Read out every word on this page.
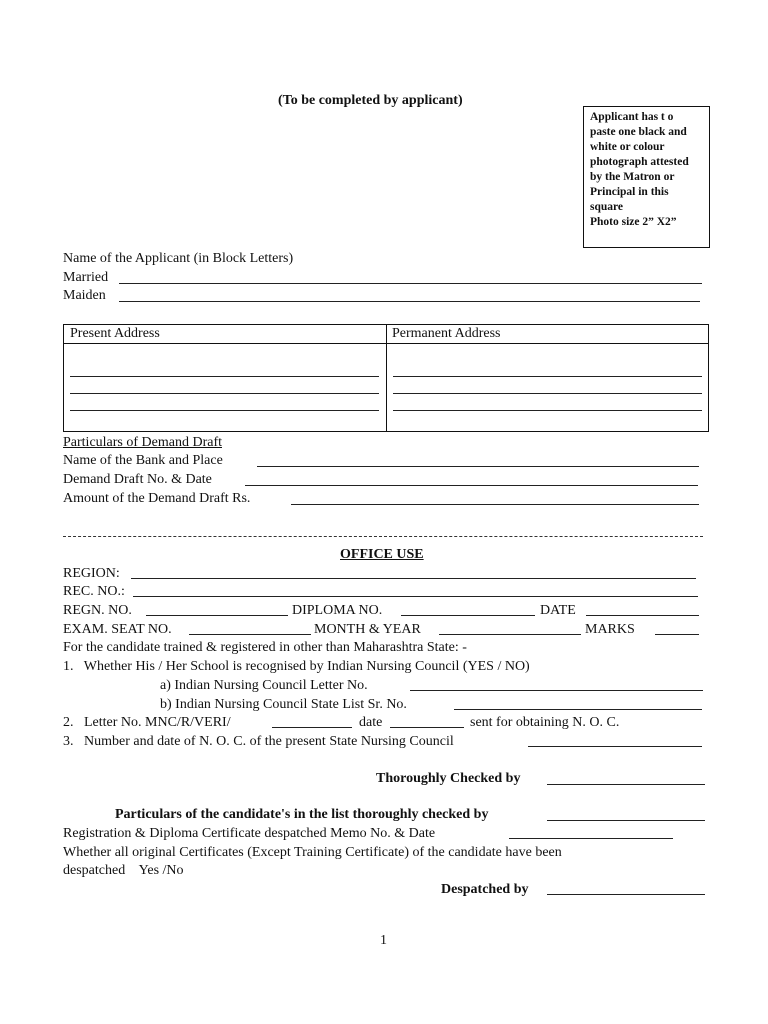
(To be completed by applicant)
Applicant has t o
paste one black and
white or colour
photograph attested
by the Matron or
Principal in this
square
Photo size 2” X2”
Name of the Applicant (in Block Letters)
Married
Maiden
Present Address	Permanent Address
Particulars of Demand Draft
Name of the Bank and Place
Demand Draft No. & Date
Amount of the Demand Draft Rs.
OFFICE USE
REGION:
REC. NO.:
REGN. NO.	DIPLOMA NO.	DATE
EXAM. SEAT NO.	MONTH & YEAR	MARKS
For the candidate trained & registered in other than Maharashtra State: -
1.   Whether His / Her School is recognised by Indian Nursing Council (YES / NO)
a) Indian Nursing Council Letter No.
b) Indian Nursing Council State List Sr. No.
2.   Letter No. MNC/R/VERI/	date	sent for obtaining N. O. C.
3.   Number and date of N. O. C. of the present State Nursing Council
Thoroughly Checked by
Particulars of the candidate's in the list thoroughly checked by
Registration & Diploma Certificate despatched Memo No. & Date
Whether all original Certificates (Except Training Certificate) of the candidate have been
despatched    Yes /No
Despatched by
1
